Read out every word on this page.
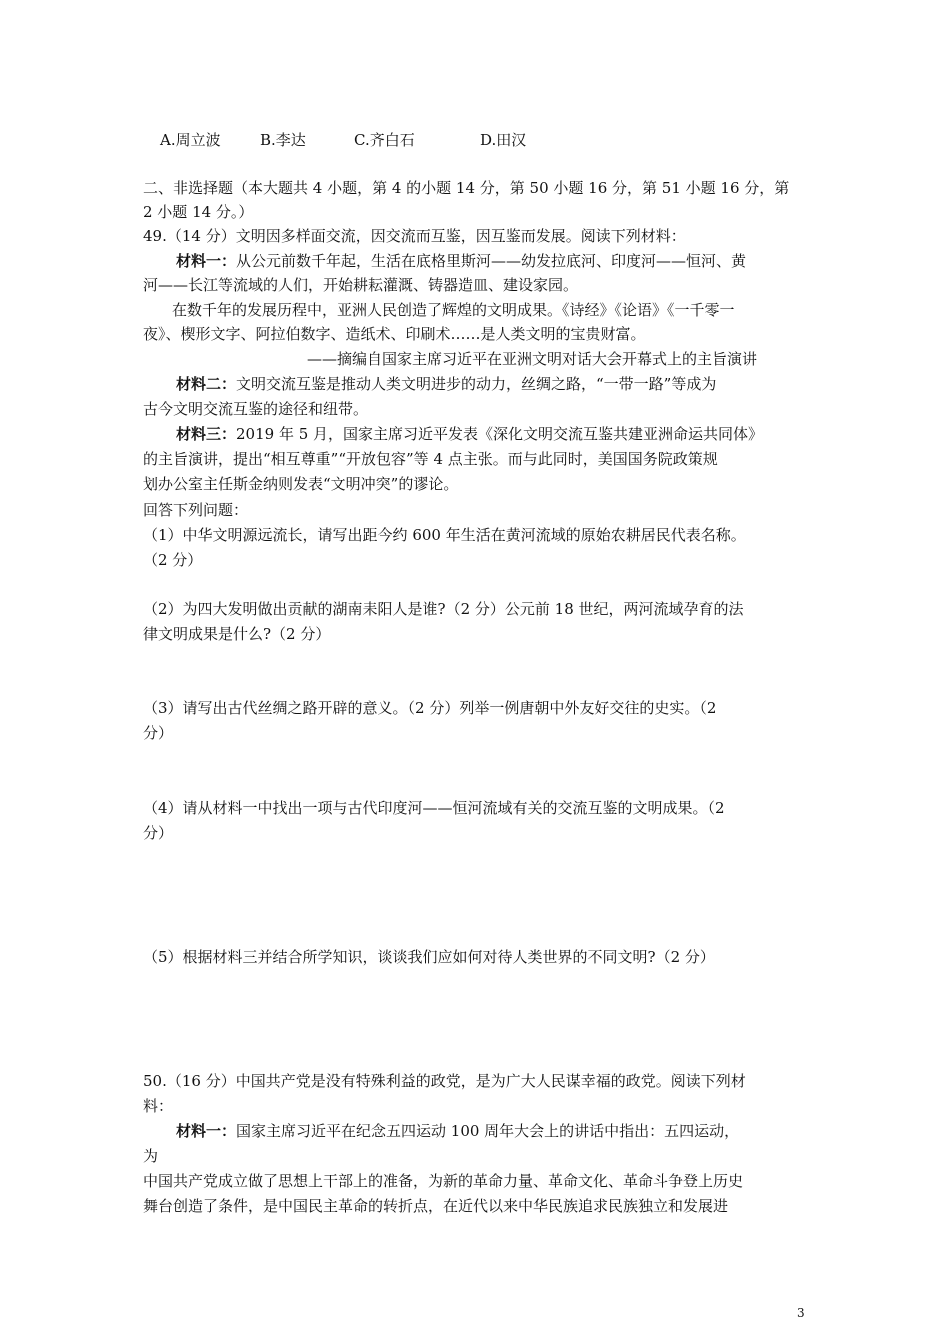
A.周立波	B.李达	C.齐白石	D.田汉
二、非选择题（本大题共 4 小题，第 4 的小题 14 分，第 50 小题 16 分，第 51 小题 16 分，第
2 小题 14 分。）
49.（14 分）文明因多样面交流，因交流而互鉴，因互鉴而发展。阅读下列材料：
材料一：从公元前数千年起，生活在底格里斯河——幼发拉底河、印度河——恒河、黄
河——长江等流域的人们，开始耕耘灌溉、铸器造皿、建设家园。
在数千年的发展历程中，亚洲人民创造了辉煌的文明成果。《诗经》《论语》《一千零一
夜》、楔形文字、阿拉伯数字、造纸术、印刷术……是人类文明的宝贵财富。
——摘编自国家主席习近平在亚洲文明对话大会开幕式上的主旨演讲
材料二：文明交流互鉴是推动人类文明进步的动力，丝绸之路，“一带一路”等成为
古今文明交流互鉴的途径和纽带。
材料三：2019 年 5 月，国家主席习近平发表《深化文明交流互鉴共建亚洲命运共同体》
的主旨演讲，提出“相互尊重”“开放包容”等 4 点主张。而与此同时，美国国务院政策规
划办公室主任斯金纳则发表“文明冲突”的谬论。
回答下列问题：
（1）中华文明源远流长，请写出距今约 600 年生活在黄河流域的原始农耕居民代表名称。
（2 分）
（2）为四大发明做出贡献的湖南耒阳人是谁?（2 分）公元前 18 世纪，两河流域孕育的法
律文明成果是什么?（2 分）
（3）请写出古代丝绸之路开辟的意义。（2 分）列举一例唐朝中外友好交往的史实。（2
分）
（4）请从材料一中找出一项与古代印度河——恒河流域有关的交流互鉴的文明成果。（2
分）
（5）根据材料三并结合所学知识，谈谈我们应如何对待人类世界的不同文明?（2 分）
50.（16 分）中国共产党是没有特殊利益的政党，是为广大人民谋幸福的政党。阅读下列材
料：
材料一：国家主席习近平在纪念五四运动 100 周年大会上的讲话中指出：五四运动，
为
中国共产党成立做了思想上干部上的准备，为新的革命力量、革命文化、革命斗争登上历史
舞台创造了条件，是中国民主革命的转折点，在近代以来中华民族追求民族独立和发展进
3
